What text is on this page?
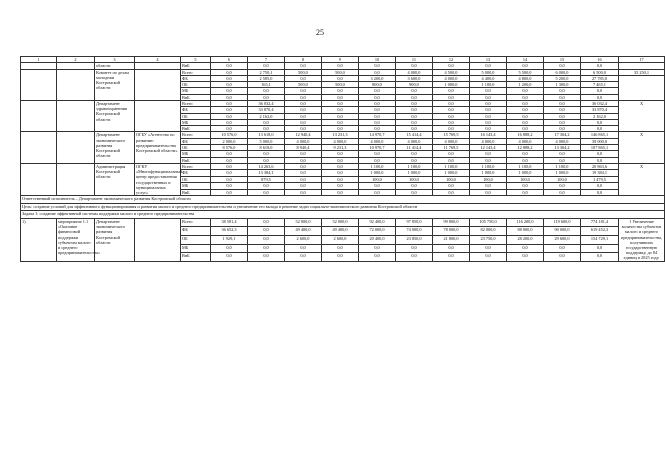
25
1	2	3	4	5	6	7	8	9	10	11	12	13	14	15	16	17	
		области		ВнБ	0,0	0,0	0,0	0,0	0,0	0,0	0,0	0,0	0,0	0,0	0,0		
		Комитет по делам молодежи Костромской области		Всего	0,0	2 750,1	500,0	500,0	0,0	4 000,0	4 500,0	5 000,0	5 500,0	6 000,0	6 500,0	35 250,1	
				ФБ	0,0	2 585,0	0,0	0,0	3 200,0	3 600,0	4 000,0	4 400,0	4 800,0	5 200,0	27 785,0		
				ОБ	0,0	165,1	500,0	500,0	800,0	900,0	1 000,0	1 100,0	1 200,0	1 300,0	7 465,1		
				МБ	0,0	0,0	0,0	0,0	0,0	0,0	0,0	0,0	0,0	0,0	0,0		
				ВнБ	0,0	0,0	0,0	0,0	0,0	0,0	0,0	0,0	0,0	0,0	0,0		
		Департамент здравоохранения Костромской области		Всего	0,0	36 032,4	0,0	0,0	0,0	0,0	0,0	0,0	0,0	0,0	36 032,4	Х	
				ФБ	0,0	33 870,4	0,0	0,0	0,0	0,0	0,0	0,0	0,0	0,0	33 870,4		
				ОБ	0,0	2 162,0	0,0	0,0	0,0	0,0	0,0	0,0	0,0	0,0	2 162,0		
				МБ	0,0	0,0	0,0	0,0	0,0	0,0	0,0	0,0	0,0	0,0	0,0		
				ВнБ	0,0	0,0	0,0	0,0	0,0	0,0	0,0	0,0	0,0	0,0	0,0		
		Департамент экономического развития Костромской области	ОГБУ «Агентство по развитию предпринимательства Костромской области»	Всего	10 576,0	13 618,0	12 940,4	13 231,3	14 970,7	15 414,4	15 769,5	16 143,4	16 888,2	17 304,2	146 865,1	Х	
				ФБ	2 000,0	5 000,0	4 000,0	4 000,0	4 000,0	4 000,0	4 000,0	4 000,0	4 000,0	4 000,0	39 000,0		
				ОБ	8 576,0	8 618,0	8 940,4	9 231,3	10 970,7	11 414,4	11 769,5	12 143,4	12 888,2	13 304,2	107 865,1		
				МБ	0,0	0,0	0,0	0,0	0,0	0,0	0,0	0,0	0,0	0,0	0,0		
				ВнБ	0,0	0,0	0,0	0,0	0,0	0,0	0,0	0,0	0,0	0,0	0,0		
		Администрация Костромской области	ОГКУ «Многофункциональный центр предоставления государственных и муниципальных услуг»	Всего	0,0	14 263,6	0,0	0,0	1 100,0	1 100,0	1 100,0	1 100,0	1 100,0	1 100,0	20 863,6	Х	
				ФБ	0,0	13 384,1	0,0	0,0	1 000,0	1 000,0	1 000,0	1 000,0	1 000,0	1 000,0	19 384,1		
				ОБ	0,0	879,5	0,0	0,0	100,0	100,0	100,0	100,0	100,0	100,0	1 479,5		
				МБ	0,0	0,0	0,0	0,0	0,0	0,0	0,0	0,0	0,0	0,0	0,0		
				ВнБ	0,0	0,0	0,0	0,0	0,0	0,0	0,0	0,0	0,0	0,0	0,0		
Ответственный исполнитель – Департамент экономического развития Костромской области																	
Цель: создание условий для эффективного функционирования и развития малого и среднего предпринимательства и увеличение его вклада в решение задач социально-экономического развития Костромской области																	
Задача 1: создание эффективной системы поддержки малого и среднего предпринимательства																	
1)	мероприятие 1.1 «Оказание финансовой поддержки субъектам малого и среднего предпринимательства»	Департамент экономического развития Костромской области		Всего	38 581,4	0,0	52 000,0	52 000,0	92 400,0	97 850,0	99 800,0	105 750,0	116 200,0	119 600,0	774 181,4	1 Увеличение количества субъектов малого и среднего предпринимательства, получивших государственную поддержку, до 84 единиц в 2025 году.	
				ФБ	36 652,3	0,0	49 400,0	49 400,0	72 000,0	74 000,0	78 000,0	82 000,0	88 000,0	90 000,0	619 452,3		
				ОБ	1 929,1	0,0	2 600,0	2 600,0	20 400,0	23 850,0	21 800,0	23 750,0	28 200,0	29 600,0	154 729,1		
				МБ	0,0	0,0	0,0	0,0	0,0	0,0	0,0	0,0	0,0	0,0	0,0		
				ВнБ	0,0	0,0	0,0	0,0	0,0	0,0	0,0	0,0	0,0	0,0	0,0		
